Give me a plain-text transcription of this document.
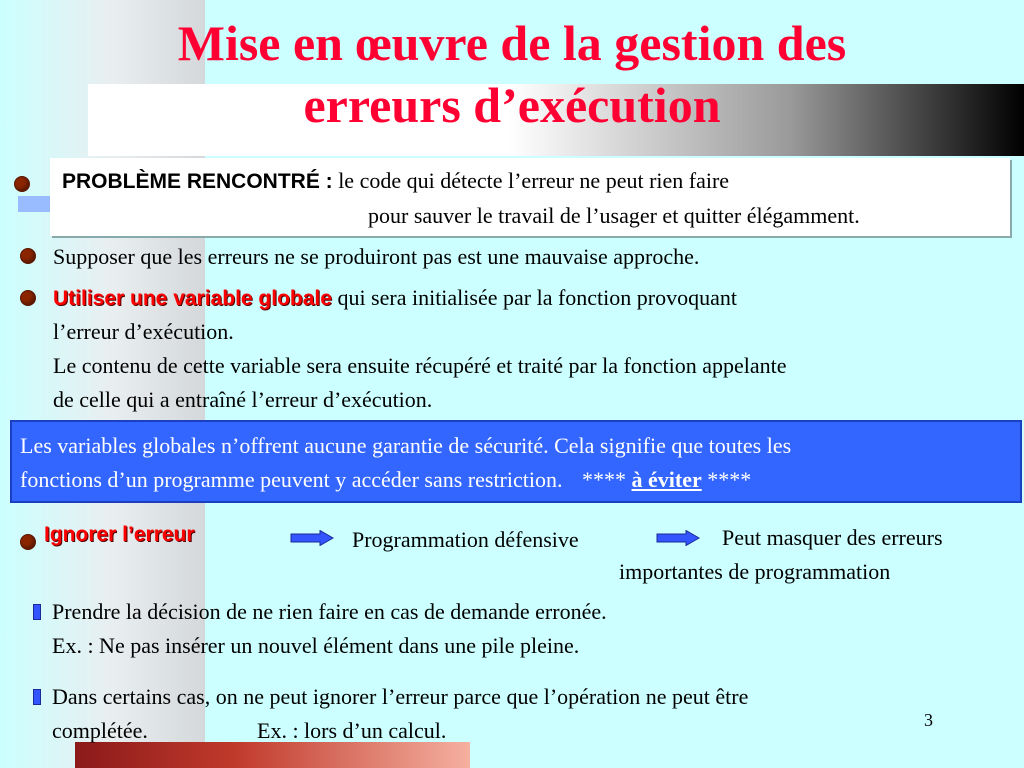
Mise en œuvre de la gestion des
erreurs d’exécution
PROBLÈME RENCONTRÉ : le code qui détecte l’erreur ne peut rien faire
pour sauver le travail de l’usager et quitter élégamment.
Supposer que les erreurs ne se produiront pas est une mauvaise approche.
Utiliser une variable globale qui sera initialisée par la fonction provoquant
l’erreur d’exécution.
Le contenu de cette variable sera ensuite récupéré et traité par la fonction appelante
de celle qui a entraîné l’erreur d’exécution.
Les variables globales n’offrent aucune garantie de sécurité. Cela signifie que toutes les
fonctions d’un programme peuvent y accéder sans restriction. **** à éviter ****
Ignorer l’erreur	Programmation défensive	Peut masquer des erreurs
importantes de programmation
Prendre la décision de ne rien faire en cas de demande erronée.
Ex. : Ne pas insérer un nouvel élément dans une pile pleine.
Dans certains cas, on ne peut ignorer l’erreur parce que l’opération ne peut être
complétée.	Ex. : lors d’un calcul.	3
